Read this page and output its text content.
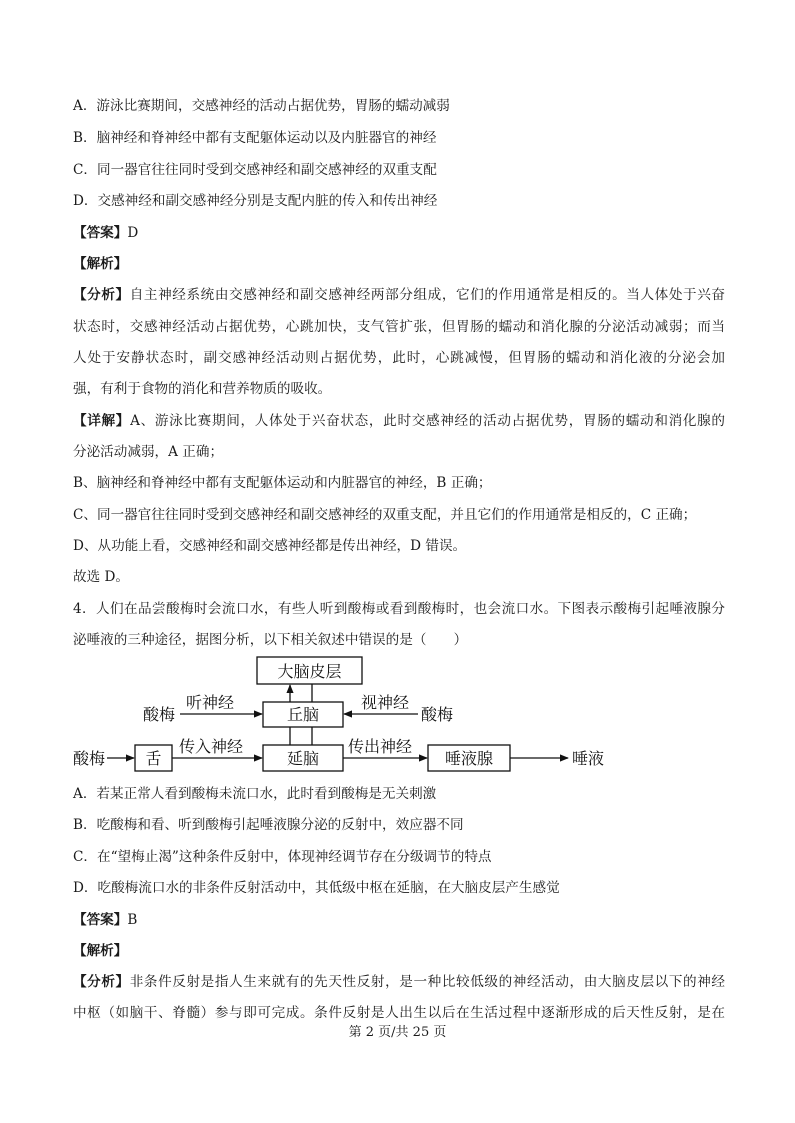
A．游泳比赛期间，交感神经的活动占据优势，胃肠的蠕动减弱
B．脑神经和脊神经中都有支配躯体运动以及内脏器官的神经
C．同一器官往往同时受到交感神经和副交感神经的双重支配
D．交感神经和副交感神经分别是支配内脏的传入和传出神经
【答案】D
【解析】
【分析】自主神经系统由交感神经和副交感神经两部分组成，它们的作用通常是相反的。当人体处于兴奋
状态时，交感神经活动占据优势，心跳加快，支气管扩张，但胃肠的蠕动和消化腺的分泌活动减弱；而当
人处于安静状态时，副交感神经活动则占据优势，此时，心跳减慢，但胃肠的蠕动和消化液的分泌会加
强，有利于食物的消化和营养物质的吸收。
【详解】A、游泳比赛期间，人体处于兴奋状态，此时交感神经的活动占据优势，胃肠的蠕动和消化腺的
分泌活动减弱，A 正确；
B、脑神经和脊神经中都有支配躯体运动和内脏器官的神经，B 正确；
C、同一器官往往同时受到交感神经和副交感神经的双重支配，并且它们的作用通常是相反的，C 正确；
D、从功能上看，交感神经和副交感神经都是传出神经，D 错误。
故选 D。
4．人们在品尝酸梅时会流口水，有些人听到酸梅或看到酸梅时，也会流口水。下图表示酸梅引起唾液腺分
泌唾液的三种途径，据图分析，以下相关叙述中错误的是（　　）
大脑皮层
丘脑
延脑
舌	唾液腺
酸梅	酸梅
酸梅
听神经	视神经
传入神经	传出神经
唾液
A．若某正常人看到酸梅未流口水，此时看到酸梅是无关刺激
B．吃酸梅和看、听到酸梅引起唾液腺分泌的反射中，效应器不同
C．在“望梅止渴”这种条件反射中，体现神经调节存在分级调节的特点
D．吃酸梅流口水的非条件反射活动中，其低级中枢在延脑，在大脑皮层产生感觉
【答案】B
【解析】
【分析】非条件反射是指人生来就有的先天性反射，是一种比较低级的神经活动，由大脑皮层以下的神经
中枢（如脑干、脊髓）参与即可完成。条件反射是人出生以后在生活过程中逐渐形成的后天性反射，是在
第 2 页/共 25 页
